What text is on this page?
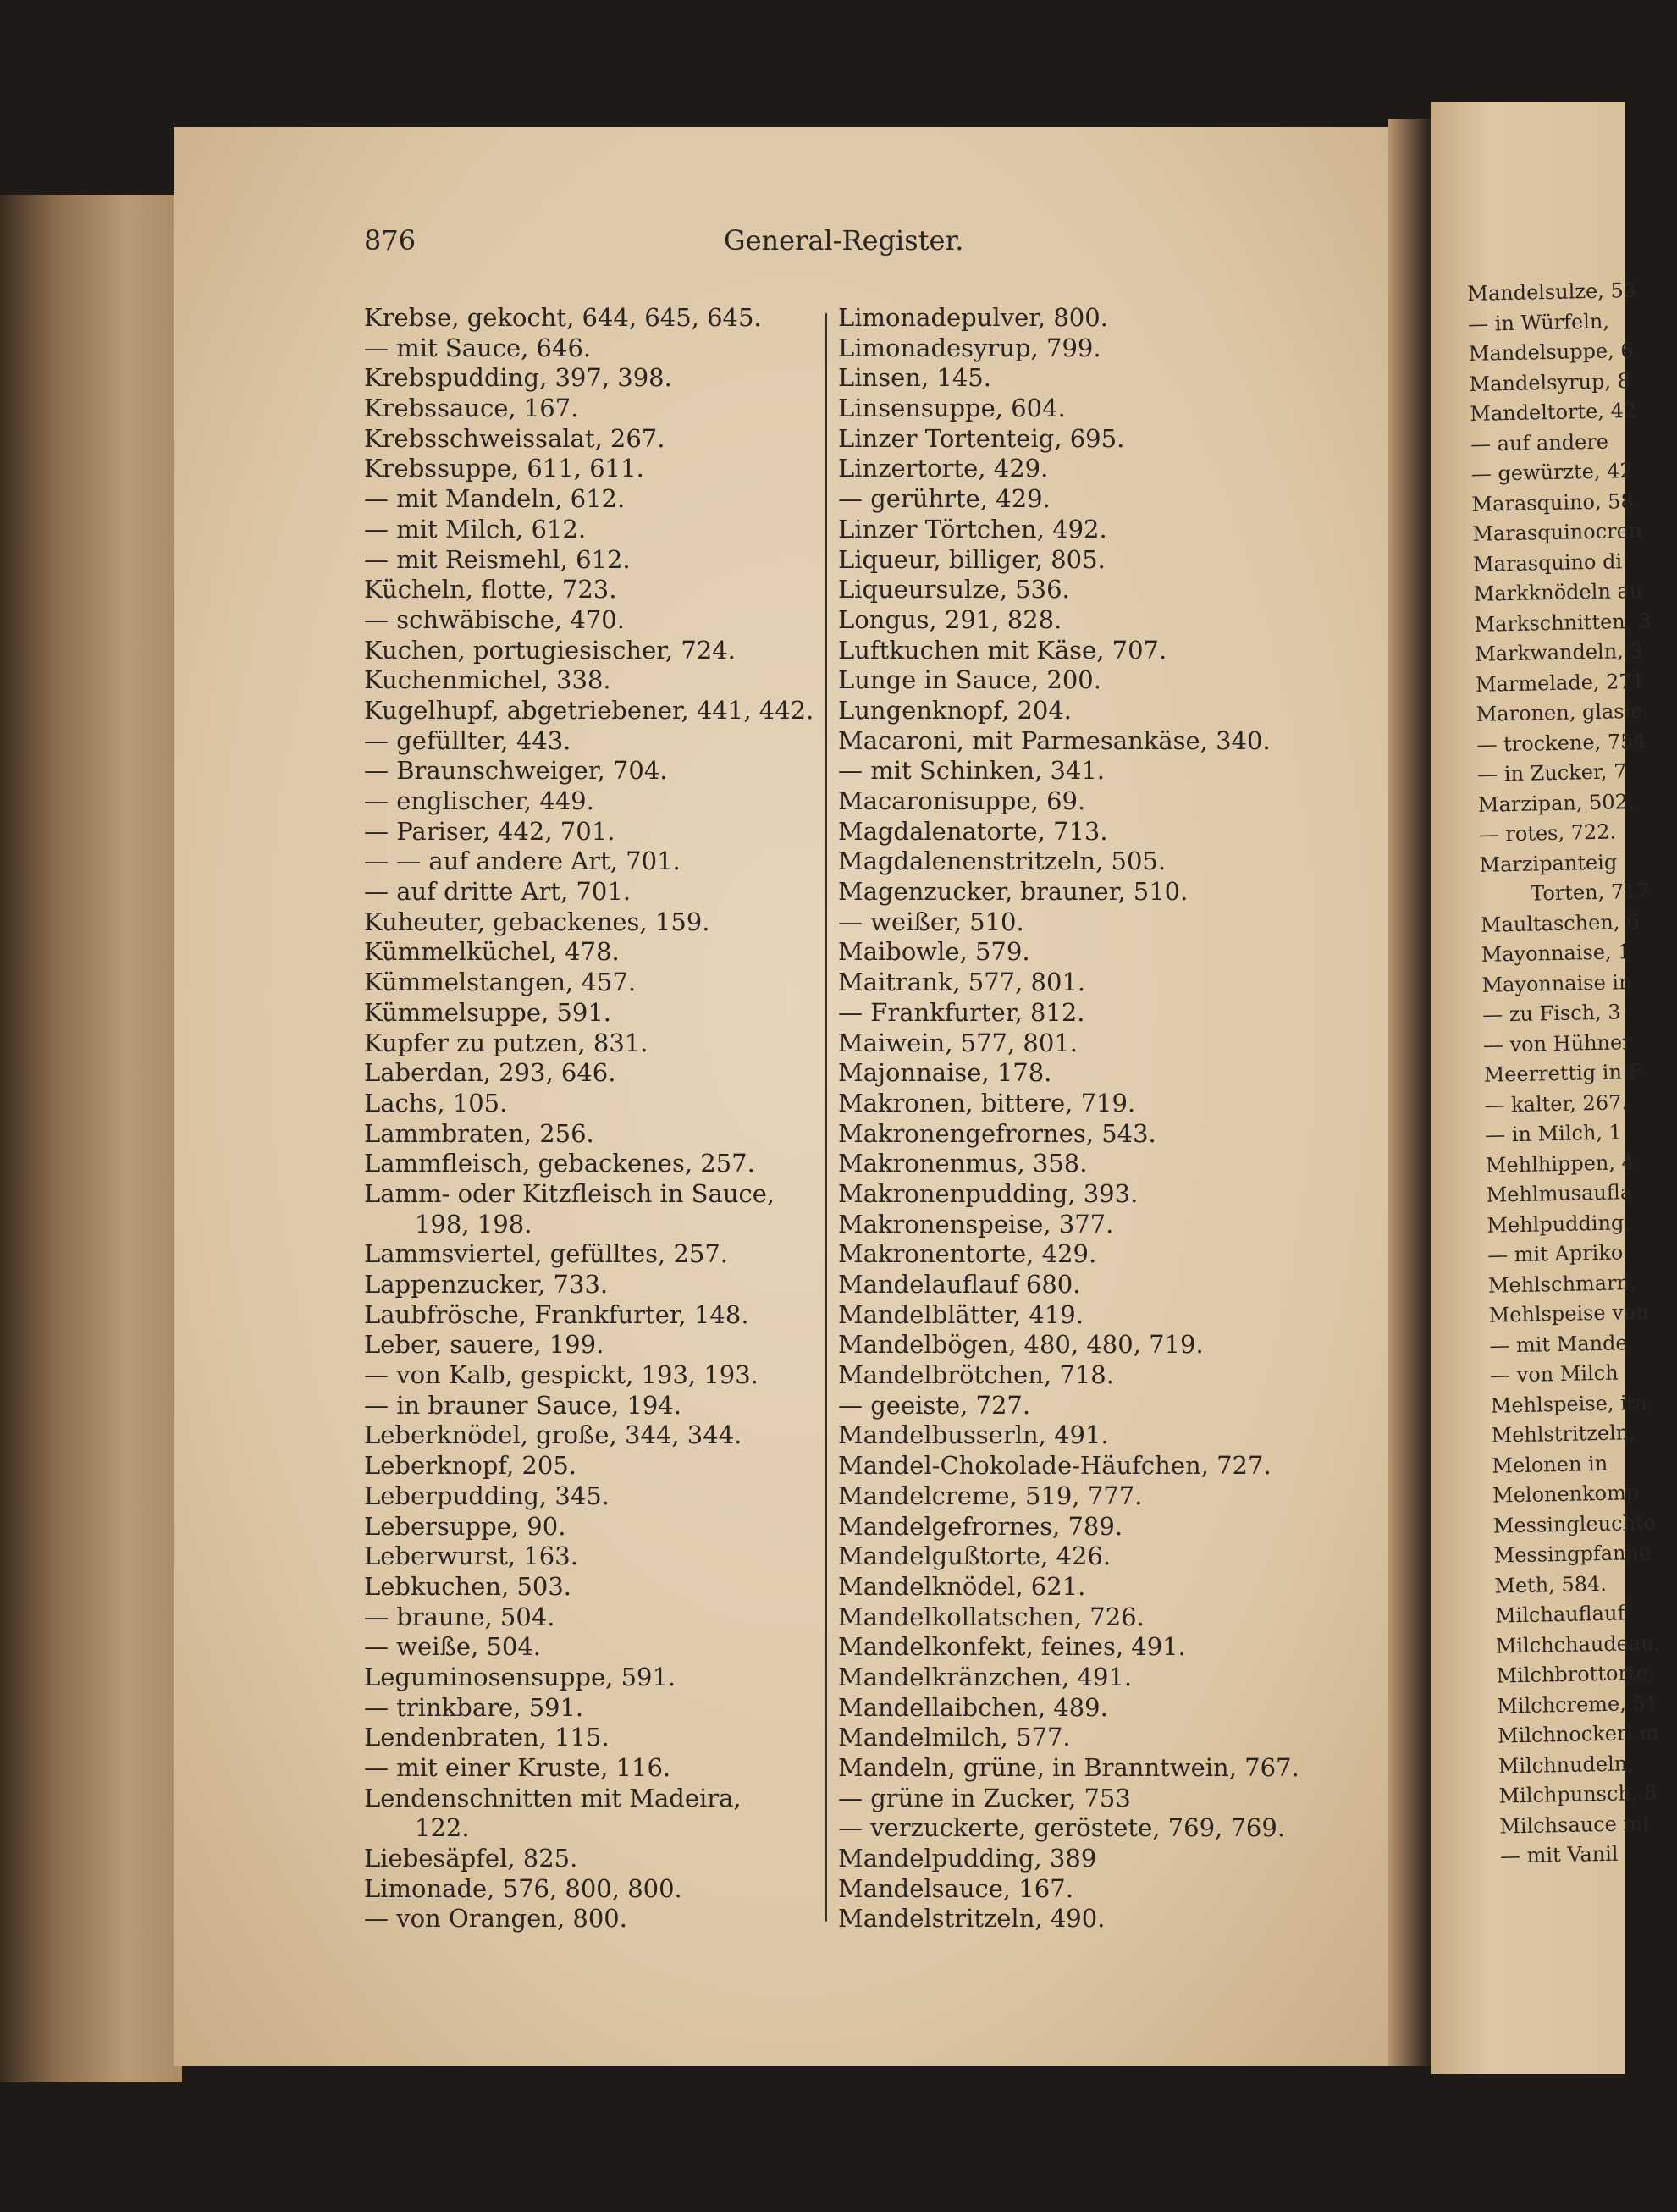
876	General-Register.
Krebse, gekocht, 644, 645, 645.
— mit Sauce, 646.
Krebspudding, 397, 398.
Krebssauce, 167.
Krebsschweissalat, 267.
Krebssuppe, 611, 611.
— mit Mandeln, 612.
— mit Milch, 612.
— mit Reismehl, 612.
Kücheln, flotte, 723.
— schwäbische, 470.
Kuchen, portugiesischer, 724.
Kuchenmichel, 338.
Kugelhupf, abgetriebener, 441, 442.
— gefüllter, 443.
— Braunschweiger, 704.
— englischer, 449.
— Pariser, 442, 701.
— — auf andere Art, 701.
— auf dritte Art, 701.
Kuheuter, gebackenes, 159.
Kümmelküchel, 478.
Kümmelstangen, 457.
Kümmelsuppe, 591.
Kupfer zu putzen, 831.
Laberdan, 293, 646.
Lachs, 105.
Lammbraten, 256.
Lammfleisch, gebackenes, 257.
Lamm- oder Kitzfleisch in Sauce,
198, 198.
Lammsviertel, gefülltes, 257.
Lappenzucker, 733.
Laubfrösche, Frankfurter, 148.
Leber, sauere, 199.
— von Kalb, gespickt, 193, 193.
— in brauner Sauce, 194.
Leberknödel, große, 344, 344.
Leberknopf, 205.
Leberpudding, 345.
Lebersuppe, 90.
Leberwurst, 163.
Lebkuchen, 503.
— braune, 504.
— weiße, 504.
Leguminosensuppe, 591.
— trinkbare, 591.
Lendenbraten, 115.
— mit einer Kruste, 116.
Lendenschnitten mit Madeira,
122.
Liebesäpfel, 825.
Limonade, 576, 800, 800.
— von Orangen, 800.
Limonadepulver, 800.
Limonadesyrup, 799.
Linsen, 145.
Linsensuppe, 604.
Linzer Tortenteig, 695.
Linzertorte, 429.
— gerührte, 429.
Linzer Törtchen, 492.
Liqueur, billiger, 805.
Liqueursulze, 536.
Longus, 291, 828.
Luftkuchen mit Käse, 707.
Lunge in Sauce, 200.
Lungenknopf, 204.
Macaroni, mit Parmesankäse, 340.
— mit Schinken, 341.
Macaronisuppe, 69.
Magdalenatorte, 713.
Magdalenenstritzeln, 505.
Magenzucker, brauner, 510.
— weißer, 510.
Maibowle, 579.
Maitrank, 577, 801.
— Frankfurter, 812.
Maiwein, 577, 801.
Majonnaise, 178.
Makronen, bittere, 719.
Makronengefrornes, 543.
Makronenmus, 358.
Makronenpudding, 393.
Makronenspeise, 377.
Makronentorte, 429.
Mandelauflauf 680.
Mandelblätter, 419.
Mandelbögen, 480, 480, 719.
Mandelbrötchen, 718.
— geeiste, 727.
Mandelbusserln, 491.
Mandel-Chokolade-Häufchen, 727.
Mandelcreme, 519, 777.
Mandelgefrornes, 789.
Mandelgußtorte, 426.
Mandelknödel, 621.
Mandelkollatschen, 726.
Mandelkonfekt, feines, 491.
Mandelkränzchen, 491.
Mandellaibchen, 489.
Mandelmilch, 577.
Mandeln, grüne, in Branntwein, 767.
— grüne in Zucker, 753
— verzuckerte, geröstete, 769, 769.
Mandelpudding, 389
Mandelsauce, 167.
Mandelstritzeln, 490.
Mandelsulze, 53
— in Würfeln,
Mandelsuppe, 6
Mandelsyrup, 8
Mandeltorte, 42
— auf andere
— gewürzte, 42
Marasquino, 58
Marasquinocren
Marasquino di
Markknödeln au
Markschnitten, 3
Markwandeln, 3
Marmelade, 271
Maronen, glasie
— trockene, 754
— in Zucker, 7
Marzipan, 502.
— rotes, 722.
Marzipanteig
Torten, 717
Maultaschen, 6
Mayonnaise, 1
Mayonnaise in
— zu Fisch, 3
— von Hühner
Meerrettig in F
— kalter, 267.
— in Milch, 1
Mehlhippen, 4
Mehlmusaufla
Mehlpudding,
— mit Apriko
Mehlschmarn,
Mehlspeise von
— mit Mande
— von Milch
Mehlspeise, ita
Mehlstritzeln,
Melonen in
Melonenkomp
Messingleuchte
Messingpfanne
Meth, 584.
Milchauflauf
Milchchaudeau,
Milchbrottorte,
Milchcreme, 51
Milchnockerl m
Milchnudeln,
Milchpunsch, 8
Milchsauce mi
— mit Vanil
